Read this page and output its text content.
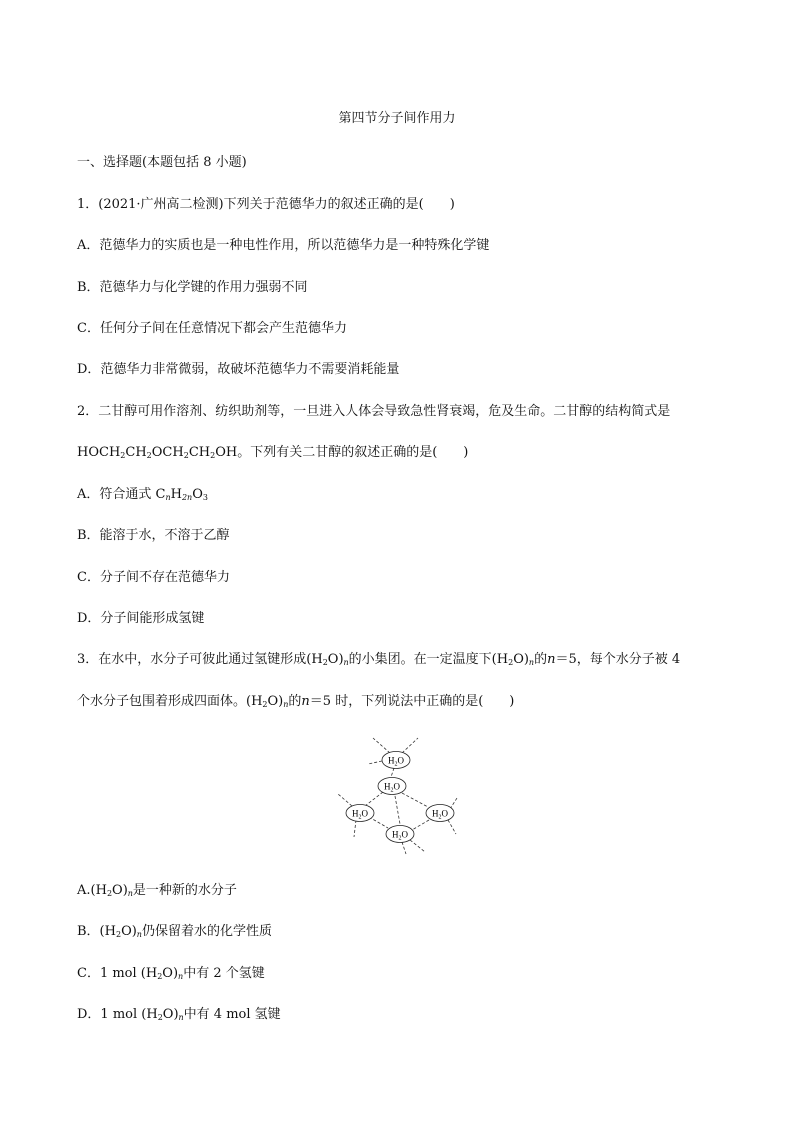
第四节分子间作用力
一、选择题(本题包括 8 小题)
1．(2021·广州高二检测)下列关于范德华力的叙述正确的是(　　)
A．范德华力的实质也是一种电性作用，所以范德华力是一种特殊化学键
B．范德华力与化学键的作用力强弱不同
C．任何分子间在任意情况下都会产生范德华力
D．范德华力非常微弱，故破坏范德华力不需要消耗能量
2．二甘醇可用作溶剂、纺织助剂等，一旦进入人体会导致急性肾衰竭，危及生命。二甘醇的结构简式是
$HOCH_2CH_2OCH_2CH_2OH$。下列有关二甘醇的叙述正确的是(　　)
A．符合通式 $C_nH_{2n}O_3$
B．能溶于水，不溶于乙醇
C．分子间不存在范德华力
D．分子间能形成氢键
3．在水中，水分子可彼此通过氢键形成$(H_2O)_n$的小集团。在一定温度下$(H_2O)_n$的n＝5，每个水分子被 4
个水分子包围着形成四面体。$(H_2O)_n$的n＝5 时，下列说法中正确的是(　　)
$H_2O$
$H_2O$
$H_2O$	$H_2O$
$H_2O$
$A.(H_2O)_n$是一种新的水分子
B．$(H_2O)_n$仍保留着水的化学性质
C．1 mol $(H_2O)_n$中有 2 个氢键
D．1 mol $(H_2O)_n$中有 4 mol 氢键
